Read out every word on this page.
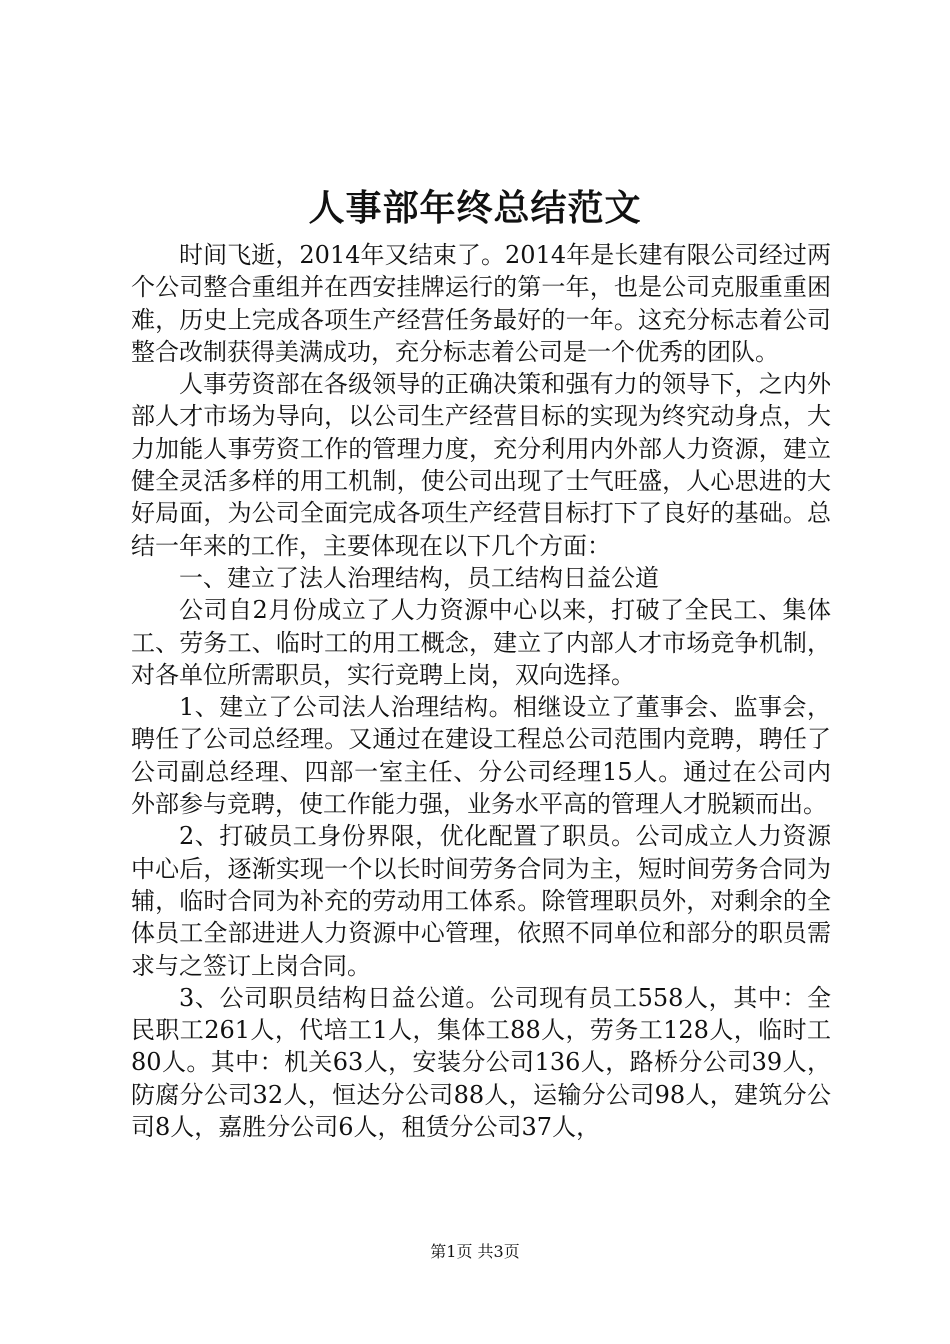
人事部年终总结范文

时间飞逝，2014年又结束了。2014年是长建有限公司经过两个公司整合重组并在西安挂牌运行的第一年，也是公司克服重重困难，历史上完成各项生产经营任务最好的一年。这充分标志着公司整合改制获得美满成功，充分标志着公司是一个优秀的团队。

人事劳资部在各级领导的正确决策和强有力的领导下，之内外部人才市场为导向，以公司生产经营目标的实现为终究动身点，大力加能人事劳资工作的管理力度，充分利用内外部人力资源，建立健全灵活多样的用工机制，使公司出现了士气旺盛，人心思进的大好局面，为公司全面完成各项生产经营目标打下了良好的基础。总结一年来的工作，主要体现在以下几个方面：

一、建立了法人治理结构，员工结构日益公道

公司自2月份成立了人力资源中心以来，打破了全民工、集体工、劳务工、临时工的用工概念，建立了内部人才市场竞争机制，对各单位所需职员，实行竞聘上岗，双向选择。

1、建立了公司法人治理结构。相继设立了董事会、监事会，聘任了公司总经理。又通过在建设工程总公司范围内竞聘，聘任了公司副总经理、四部一室主任、分公司经理15人。通过在公司内外部参与竞聘，使工作能力强，业务水平高的管理人才脱颖而出。

2、打破员工身份界限，优化配置了职员。公司成立人力资源中心后，逐渐实现一个以长时间劳务合同为主，短时间劳务合同为辅，临时合同为补充的劳动用工体系。除管理职员外，对剩余的全体员工全部进进人力资源中心管理，依照不同单位和部分的职员需求与之签订上岗合同。

3、公司职员结构日益公道。公司现有员工558人，其中：全民职工261人，代培工1人，集体工88人，劳务工128人，临时工80人。其中：机关63人，安装分公司136人，路桥分公司39人，防腐分公司32人，恒达分公司88人，运输分公司98人，建筑分公司8人，嘉胜分公司6人，租赁分公司37人，

第1页 共3页
